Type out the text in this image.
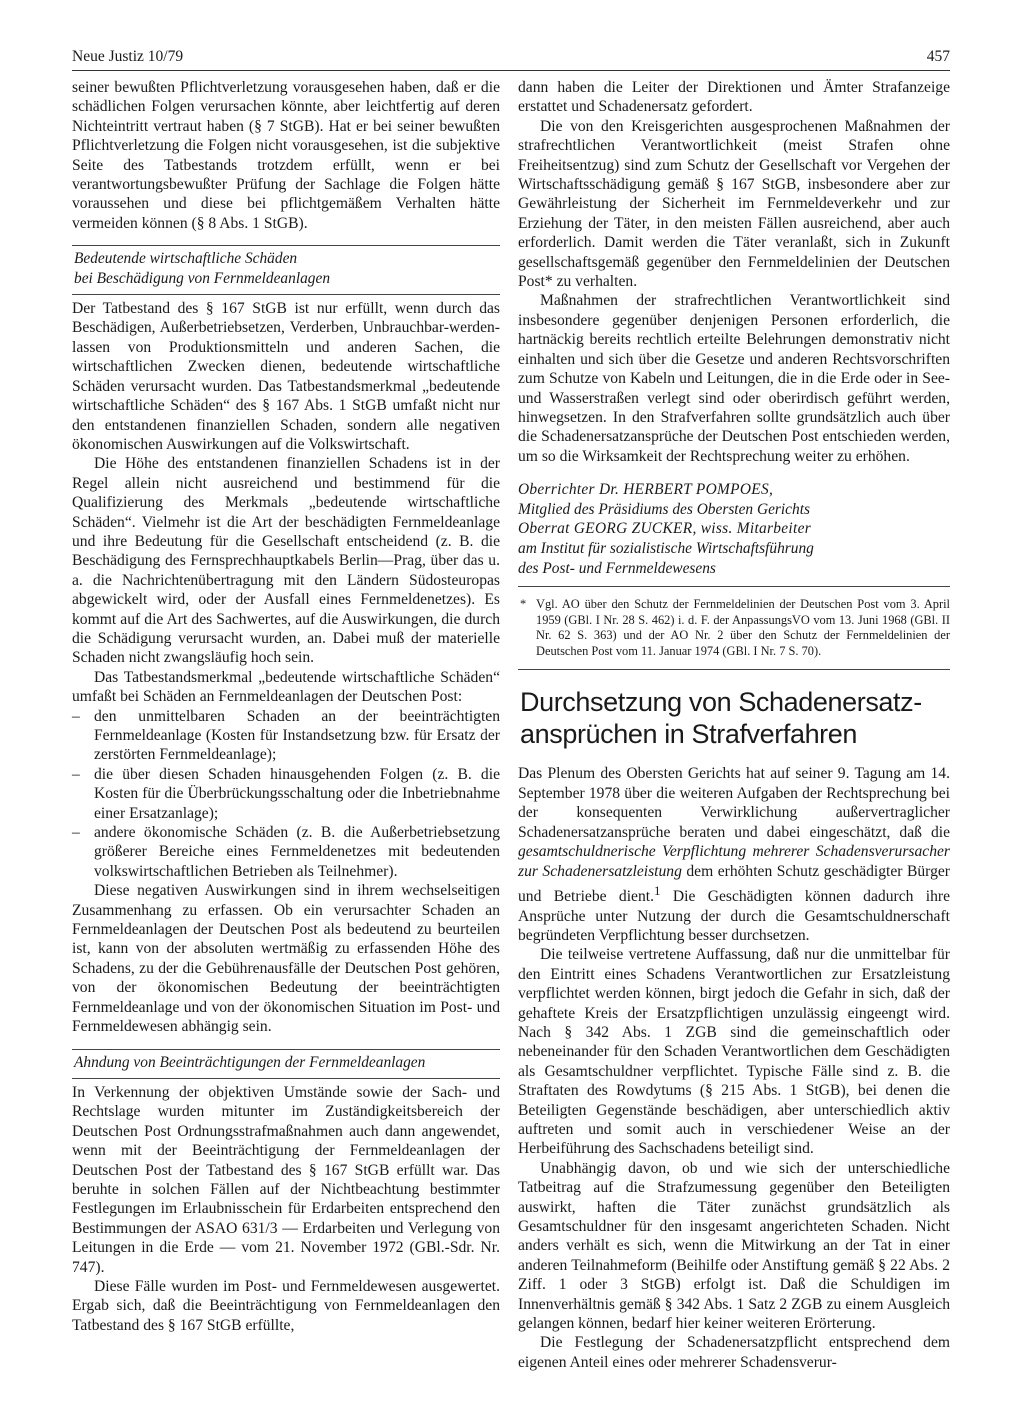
Neue Justiz 10/79	457

seiner bewußten Pflichtverletzung vorausgesehen haben, daß er die schädlichen Folgen verursachen könnte, aber leichtfertig auf deren Nichteintritt vertraut haben (§ 7 StGB). Hat er bei seiner bewußten Pflichtverletzung die Folgen nicht vorausgesehen, ist die subjektive Seite des Tatbestands trotzdem erfüllt, wenn er bei verantwortungsbewußter Prüfung der Sachlage die Folgen hätte voraussehen und diese bei pflichtgemäßem Verhalten hätte vermeiden können (§ 8 Abs. 1 StGB).

Bedeutende wirtschaftliche Schäden
bei Beschädigung von Fernmeldeanlagen

Der Tatbestand des § 167 StGB ist nur erfüllt, wenn durch das Beschädigen, Außerbetriebsetzen, Verderben, Unbrauchbar-werden-lassen von Produktionsmitteln und anderen Sachen, die wirtschaftlichen Zwecken dienen, bedeutende wirtschaftliche Schäden verursacht wurden. Das Tatbestandsmerkmal „bedeutende wirtschaftliche Schäden“ des § 167 Abs. 1 StGB umfaßt nicht nur den entstandenen finanziellen Schaden, sondern alle negativen ökonomischen Auswirkungen auf die Volkswirtschaft.

Die Höhe des entstandenen finanziellen Schadens ist in der Regel allein nicht ausreichend und bestimmend für die Qualifizierung des Merkmals „bedeutende wirtschaftliche Schäden“. Vielmehr ist die Art der beschädigten Fernmeldeanlage und ihre Bedeutung für die Gesellschaft entscheidend (z. B. die Beschädigung des Fernsprechhauptkabels Berlin—Prag, über das u. a. die Nachrichtenübertragung mit den Ländern Südosteuropas abgewickelt wird, oder der Ausfall eines Fernmeldenetzes). Es kommt auf die Art des Sachwertes, auf die Auswirkungen, die durch die Schädigung verursacht wurden, an. Dabei muß der materielle Schaden nicht zwangsläufig hoch sein.

Das Tatbestandsmerkmal „bedeutende wirtschaftliche Schäden“ umfaßt bei Schäden an Fernmeldeanlagen der Deutschen Post:

– den unmittelbaren Schaden an der beeinträchtigten Fernmeldeanlage (Kosten für Instandsetzung bzw. für Ersatz der zerstörten Fernmeldeanlage);
– die über diesen Schaden hinausgehenden Folgen (z. B. die Kosten für die Überbrückungsschaltung oder die Inbetriebnahme einer Ersatzanlage);
– andere ökonomische Schäden (z. B. die Außerbetriebsetzung größerer Bereiche eines Fernmeldenetzes mit bedeutenden volkswirtschaftlichen Betrieben als Teilnehmer).

Diese negativen Auswirkungen sind in ihrem wechselseitigen Zusammenhang zu erfassen. Ob ein verursachter Schaden an Fernmeldeanlagen der Deutschen Post als bedeutend zu beurteilen ist, kann von der absoluten wertmäßig zu erfassenden Höhe des Schadens, zu der die Gebührenausfälle der Deutschen Post gehören, von der ökonomischen Bedeutung der beeinträchtigten Fernmeldeanlage und von der ökonomischen Situation im Post- und Fernmeldewesen abhängig sein.

Ahndung von Beeinträchtigungen der Fernmeldeanlagen

In Verkennung der objektiven Umstände sowie der Sach- und Rechtslage wurden mitunter im Zuständigkeitsbereich der Deutschen Post Ordnungsstrafmaßnahmen auch dann angewendet, wenn mit der Beeinträchtigung der Fernmeldeanlagen der Deutschen Post der Tatbestand des § 167 StGB erfüllt war. Das beruhte in solchen Fällen auf der Nichtbeachtung bestimmter Festlegungen im Erlaubnisschein für Erdarbeiten entsprechend den Bestimmungen der ASAO 631/3 — Erdarbeiten und Verlegung von Leitungen in die Erde — vom 21. November 1972 (GBl.-Sdr. Nr. 747).

Diese Fälle wurden im Post- und Fernmeldewesen ausgewertet. Ergab sich, daß die Beeinträchtigung von Fernmeldeanlagen den Tatbestand des § 167 StGB erfüllte,

dann haben die Leiter der Direktionen und Ämter Strafanzeige erstattet und Schadenersatz gefordert.

Die von den Kreisgerichten ausgesprochenen Maßnahmen der strafrechtlichen Verantwortlichkeit (meist Strafen ohne Freiheitsentzug) sind zum Schutz der Gesellschaft vor Vergehen der Wirtschaftsschädigung gemäß § 167 StGB, insbesondere aber zur Gewährleistung der Sicherheit im Fernmeldeverkehr und zur Erziehung der Täter, in den meisten Fällen ausreichend, aber auch erforderlich. Damit werden die Täter veranlaßt, sich in Zukunft gesellschaftsgemäß gegenüber den Fernmeldelinien der Deutschen Post* zu verhalten.

Maßnahmen der strafrechtlichen Verantwortlichkeit sind insbesondere gegenüber denjenigen Personen erforderlich, die hartnäckig bereits rechtlich erteilte Belehrungen demonstrativ nicht einhalten und sich über die Gesetze und anderen Rechtsvorschriften zum Schutze von Kabeln und Leitungen, die in die Erde oder in See- und Wasserstraßen verlegt sind oder oberirdisch geführt werden, hinwegsetzen. In den Strafverfahren sollte grundsätzlich auch über die Schadenersatzansprüche der Deutschen Post entschieden werden, um so die Wirksamkeit der Rechtsprechung weiter zu erhöhen.

Oberrichter Dr. HERBERT POMPOES,
Mitglied des Präsidiums des Obersten Gerichts
Oberrat GEORG ZUCKER, wiss. Mitarbeiter
am Institut für sozialistische Wirtschaftsführung
des Post- und Fernmeldewesens
* Vgl. AO über den Schutz der Fernmeldelinien der Deutschen Post vom 3. April 1959 (GBl. I Nr. 28 S. 462) i. d. F. der AnpassungsVO vom 13. Juni 1968 (GBl. II Nr. 62 S. 363) und der AO Nr. 2 über den Schutz der Fernmeldelinien der Deutschen Post vom 11. Januar 1974 (GBl. I Nr. 7 S. 70).
Durchsetzung von Schadenersatz-
ansprüchen in Strafverfahren

Das Plenum des Obersten Gerichts hat auf seiner 9. Tagung am 14. September 1978 über die weiteren Aufgaben der Rechtsprechung bei der konsequenten Verwirklichung außervertraglicher Schadenersatzansprüche beraten und dabei eingeschätzt, daß die gesamtschuldnerische Verpflichtung mehrerer Schadensverursacher zur Schadenersatzleistung dem erhöhten Schutz geschädigter Bürger und Betriebe dient.$^1$ Die Geschädigten können dadurch ihre Ansprüche unter Nutzung der durch die Gesamtschuldnerschaft begründeten Verpflichtung besser durchsetzen.

Die teilweise vertretene Auffassung, daß nur die unmittelbar für den Eintritt eines Schadens Verantwortlichen zur Ersatzleistung verpflichtet werden können, birgt jedoch die Gefahr in sich, daß der gehaftete Kreis der Ersatzpflichtigen unzulässig eingeengt wird. Nach § 342 Abs. 1 ZGB sind die gemeinschaftlich oder nebeneinander für den Schaden Verantwortlichen dem Geschädigten als Gesamtschuldner verpflichtet. Typische Fälle sind z. B. die Straftaten des Rowdytums (§ 215 Abs. 1 StGB), bei denen die Beteiligten Gegenstände beschädigen, aber unterschiedlich aktiv auftreten und somit auch in verschiedener Weise an der Herbeiführung des Sachschadens beteiligt sind.

Unabhängig davon, ob und wie sich der unterschiedliche Tatbeitrag auf die Strafzumessung gegenüber den Beteiligten auswirkt, haften die Täter zunächst grundsätzlich als Gesamtschuldner für den insgesamt angerichteten Schaden. Nicht anders verhält es sich, wenn die Mitwirkung an der Tat in einer anderen Teilnahmeform (Beihilfe oder Anstiftung gemäß § 22 Abs. 2 Ziff. 1 oder 3 StGB) erfolgt ist. Daß die Schuldigen im Innenverhältnis gemäß § 342 Abs. 1 Satz 2 ZGB zu einem Ausgleich gelangen können, bedarf hier keiner weiteren Erörterung.

Die Festlegung der Schadenersatzpflicht entsprechend dem eigenen Anteil eines oder mehrerer Schadensverur-
